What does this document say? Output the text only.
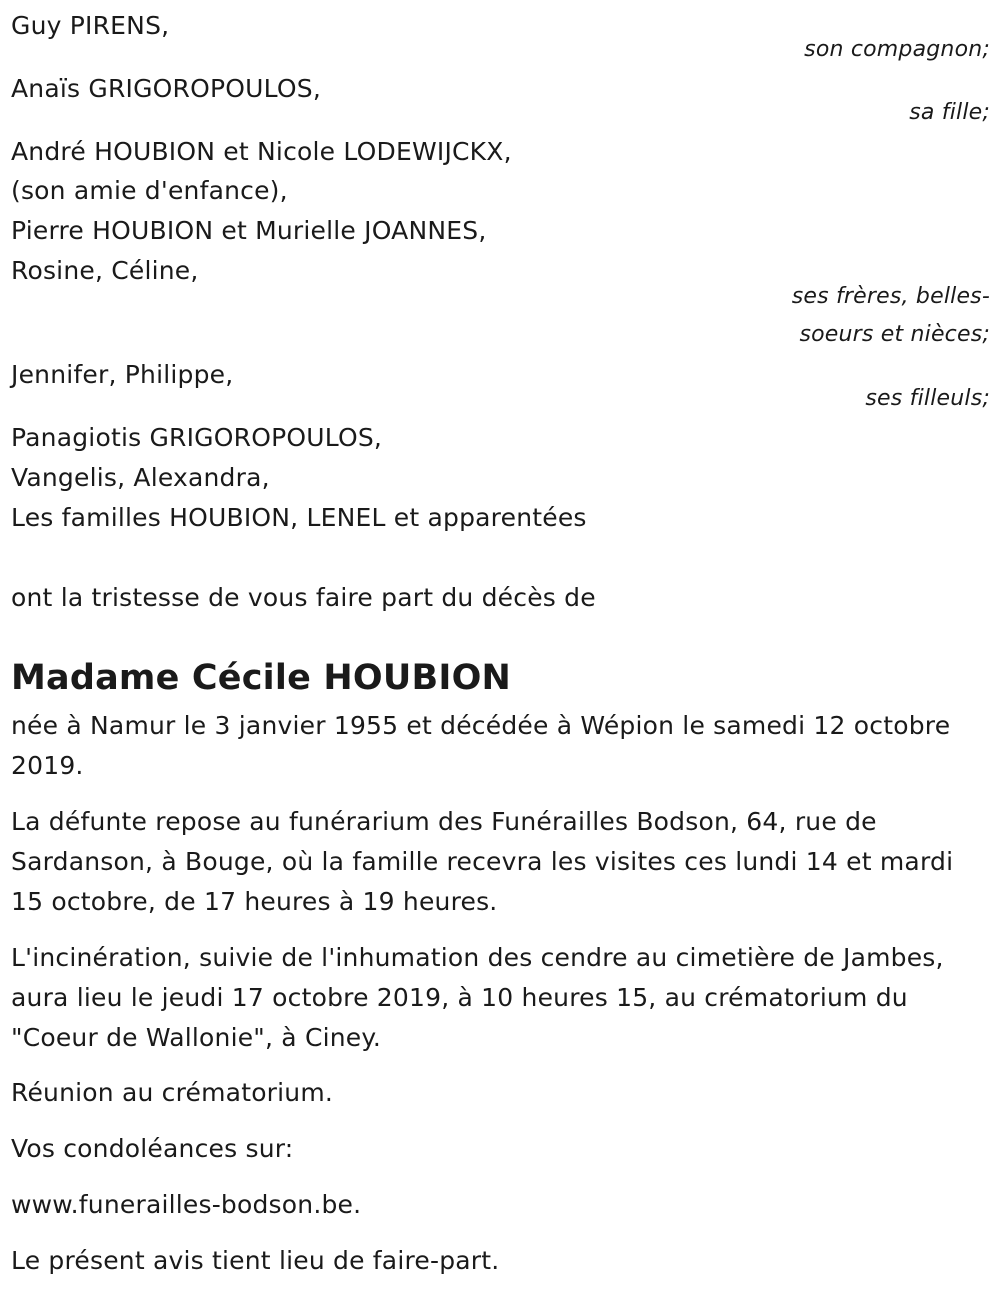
Guy PIRENS,
son compagnon;
Anaïs GRIGOROPOULOS,
sa fille;
André HOUBION et Nicole LODEWIJCKX,
(son amie d'enfance),
Pierre HOUBION et Murielle JOANNES,
Rosine, Céline,
ses frères, belles-
soeurs et nièces;
Jennifer, Philippe,
ses filleuls;
Panagiotis GRIGOROPOULOS,
Vangelis, Alexandra,
Les familles HOUBION, LENEL et apparentées
ont la tristesse de vous faire part du décès de
Madame Cécile HOUBION
née à Namur le 3 janvier 1955 et décédée à Wépion le samedi 12 octobre
2019.
La défunte repose au funérarium des Funérailles Bodson, 64, rue de
Sardanson, à Bouge, où la famille recevra les visites ces lundi 14 et mardi
15 octobre, de 17 heures à 19 heures.
L'incinération, suivie de l'inhumation des cendre au cimetière de Jambes,
aura lieu le jeudi 17 octobre 2019, à 10 heures 15, au crématorium du
"Coeur de Wallonie", à Ciney.
Réunion au crématorium.
Vos condoléances sur:
www.funerailles-bodson.be.
Le présent avis tient lieu de faire-part.
